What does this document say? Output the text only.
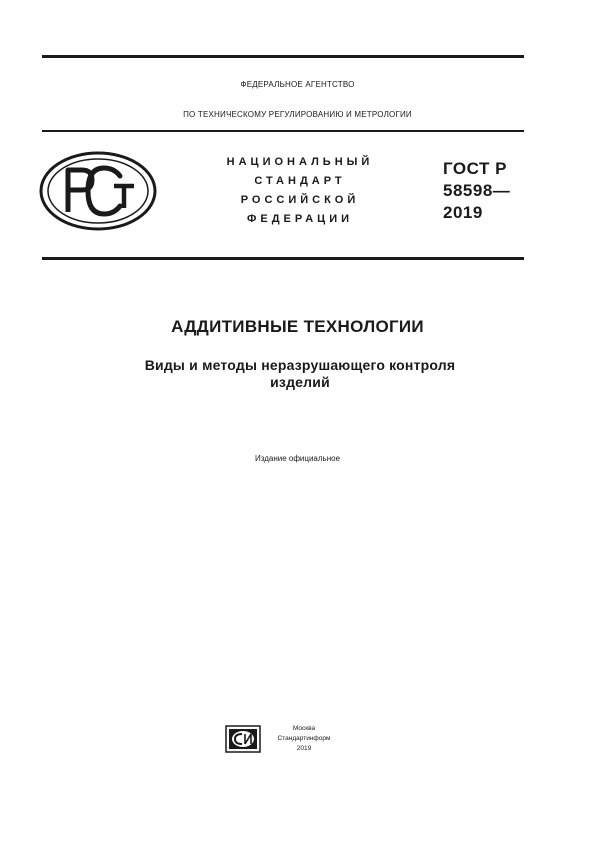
ФЕДЕРАЛЬНОЕ АГЕНТСТВО
ПО ТЕХНИЧЕСКОМУ РЕГУЛИРОВАНИЮ И МЕТРОЛОГИИ
НАЦИОНАЛЬНЫЙ
СТАНДАРТ
РОССИЙСКОЙ
ФЕДЕРАЦИИ
ГОСТ Р
58598—
2019
АДДИТИВНЫЕ ТЕХНОЛОГИИ
Виды и методы неразрушающего контроля
изделий
Издание официальное
Москва
Стандартинформ
2019
